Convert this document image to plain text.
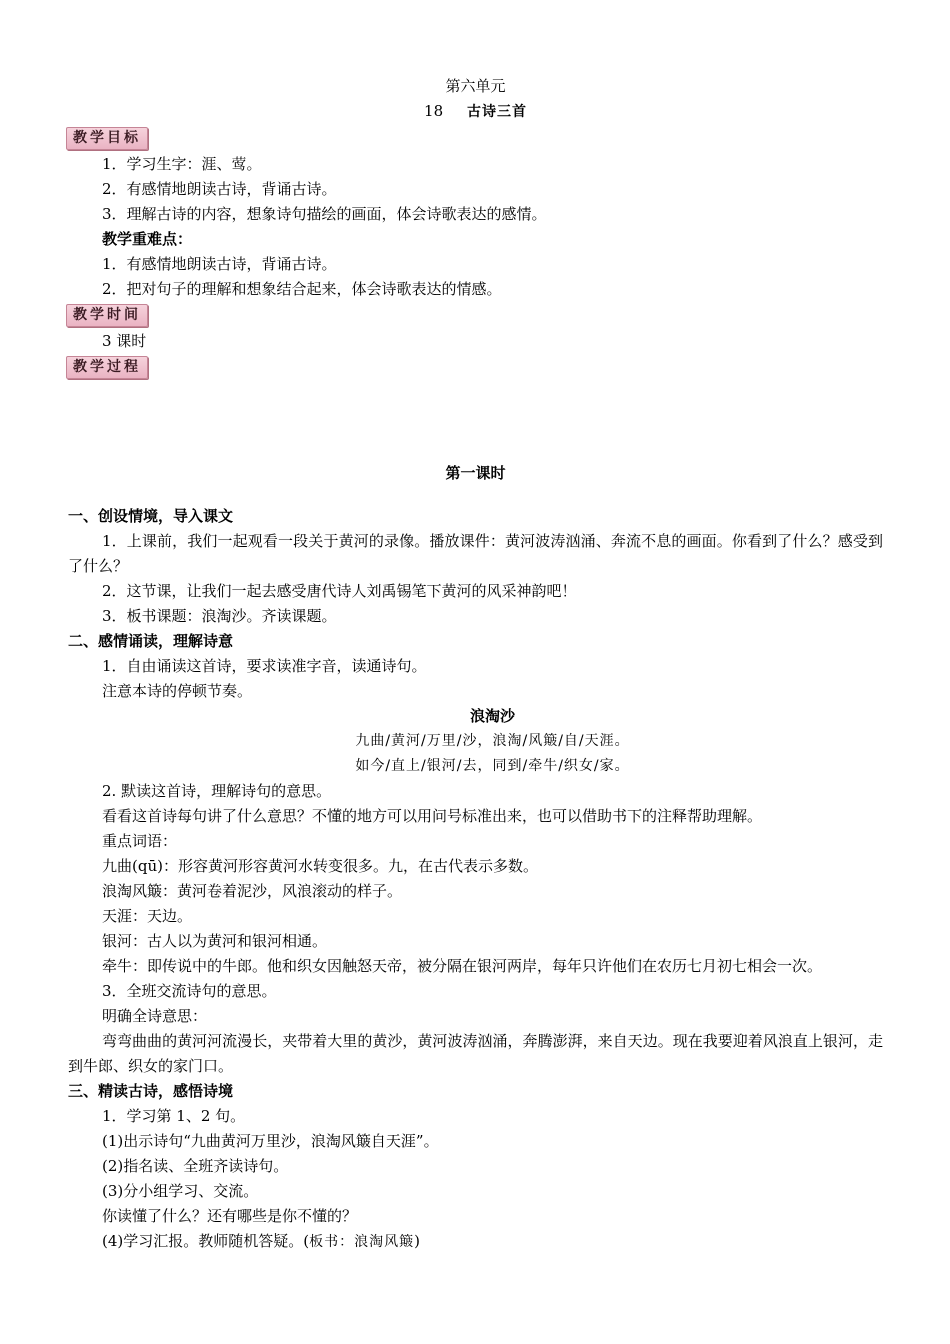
第六单元
18 古诗三首
教学目标
1．学习生字：涯、莺。
2．有感情地朗读古诗，背诵古诗。
3．理解古诗的内容，想象诗句描绘的画面，体会诗歌表达的感情。
教学重难点：
1．有感情地朗读古诗，背诵古诗。
2．把对句子的理解和想象结合起来，体会诗歌表达的情感。
教学时间
3 课时
教学过程
第一课时
一、创设情境，导入课文
1．上课前，我们一起观看一段关于黄河的录像。播放课件：黄河波涛汹涌、奔流不息的画面。你看到了什么？感受到了什么？
2．这节课，让我们一起去感受唐代诗人刘禹锡笔下黄河的风采神韵吧！
3．板书课题：浪淘沙。齐读课题。
二、感情诵读，理解诗意
1．自由诵读这首诗，要求读准字音，读通诗句。
注意本诗的停顿节奏。
浪淘沙
九曲/黄河/万里/沙，浪淘/风簸/自/天涯。
如今/直上/银河/去，同到/牵牛/织女/家。
2. 默读这首诗，理解诗句的意思。
看看这首诗每句讲了什么意思？不懂的地方可以用问号标准出来，也可以借助书下的注释帮助理解。
重点词语：
九曲(qū)：形容黄河形容黄河水转变很多。九，在古代表示多数。
浪淘风簸：黄河卷着泥沙，风浪滚动的样子。
天涯：天边。
银河：古人以为黄河和银河相通。
牵牛：即传说中的牛郎。他和织女因触怒天帝，被分隔在银河两岸，每年只许他们在农历七月初七相会一次。
3．全班交流诗句的意思。
明确全诗意思：
弯弯曲曲的黄河河流漫长，夹带着大里的黄沙，黄河波涛汹涌，奔腾澎湃，来自天边。现在我要迎着风浪直上银河，走到牛郎、织女的家门口。
三、精读古诗，感悟诗境
1．学习第 1、2 句。
(1)出示诗句“九曲黄河万里沙，浪淘风簸自天涯”。
(2)指名读、全班齐读诗句。
(3)分小组学习、交流。
你读懂了什么？还有哪些是你不懂的？
(4)学习汇报。教师随机答疑。(板书：浪淘风簸)
